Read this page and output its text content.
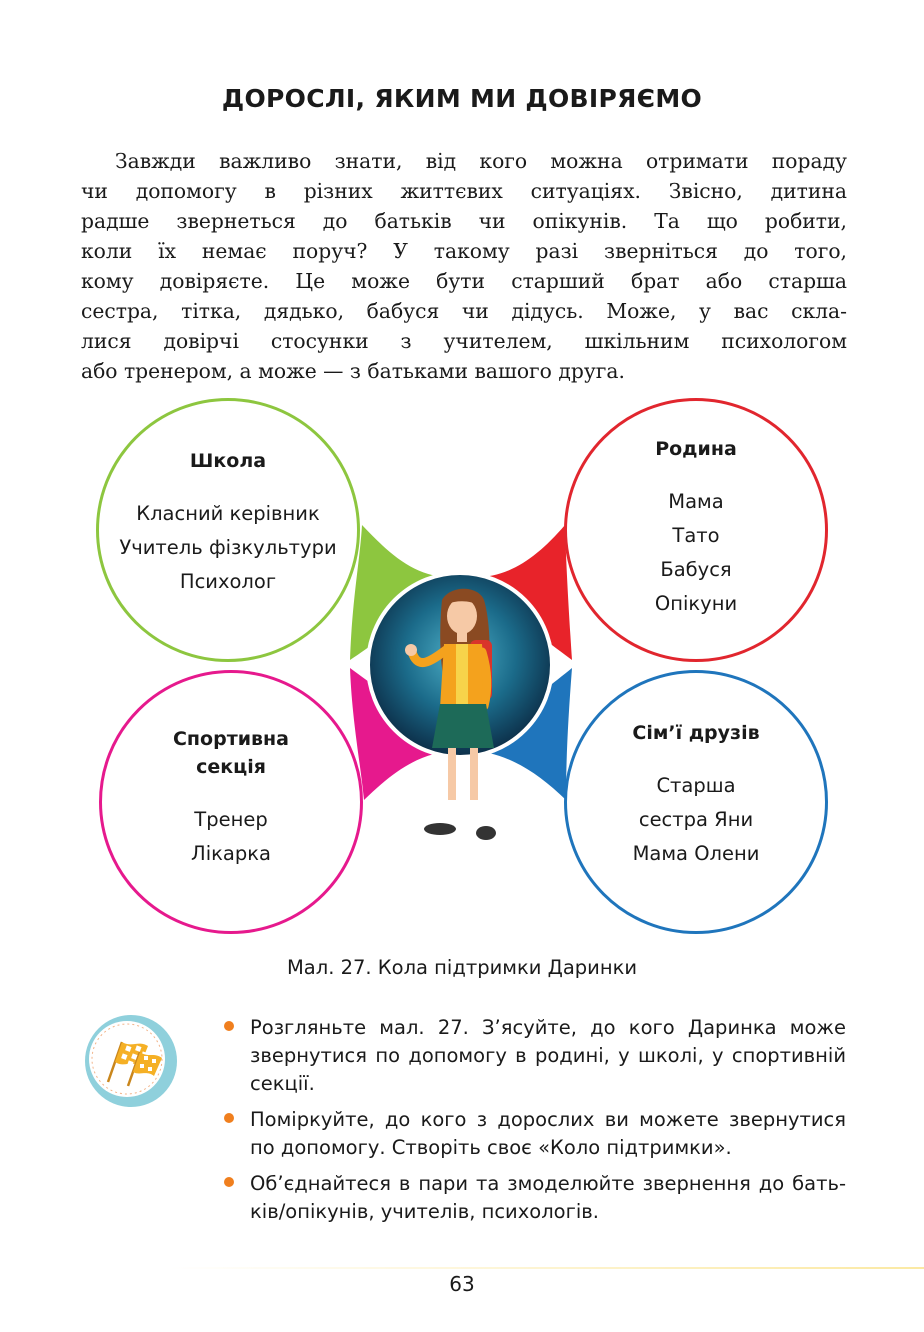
ДОРОСЛІ, ЯКИМ МИ ДОВІРЯЄМО

Завжди важливо знати, від кого можна отримати пораду
чи допомогу в різних життєвих ситуаціях. Звісно, дитина
радше звернеться до батьків чи опікунів. Та що робити,
коли їх немає поруч? У такому разі зверніться до того,
кому довіряєте. Це може бути старший брат або старша
сестра, тітка, дядько, бабуся чи дідусь. Може, у вас скла-
лися довірчі стосунки з учителем, шкільним психологом
або тренером, а може — з батьками вашого друга.

Школа
Класний керівник
Учитель фізкультури
Психолог
Родина
Мама
Тато
Бабуся
Опікуни
Спортивна
секція
Тренер
Лікарка
Сім’ї друзів
Старша
сестра Яни
Мама Олени
Мал. 27. Кола підтримки Даринки
Розгляньте мал. 27. З’ясуйте, до кого Даринка може
звернутися по допомогу в родині, у школі, у спортивній
секції.
Поміркуйте, до кого з дорослих ви можете звернутися
по допомогу. Створіть своє «Коло підтримки».
Об’єднайтеся в пари та змоделюйте звернення до бать-
ків/опікунів, учителів, психологів.
63
